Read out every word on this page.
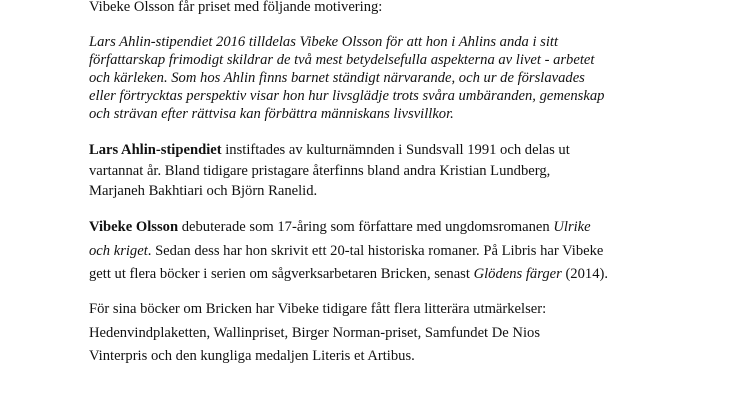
Vibeke Olsson får priset med följande motivering:

Lars Ahlin-stipendiet 2016 tilldelas Vibeke Olsson för att hon i Ahlins anda i sitt
författarskap frimodigt skildrar de två mest betydelsefulla aspekterna av livet - arbetet
och kärleken. Som hos Ahlin finns barnet ständigt närvarande, och ur de förslavades
eller förtrycktas perspektiv visar hon hur livsglädje trots svåra umbäranden, gemenskap
och strävan efter rättvisa kan förbättra människans livsvillkor.

Lars Ahlin-stipendiet instiftades av kulturnämnden i Sundsvall 1991 och delas ut
vartannat år. Bland tidigare pristagare återfinns bland andra Kristian Lundberg,
Marjaneh Bakhtiari och Björn Ranelid.

Vibeke Olsson debuterade som 17-åring som författare med ungdomsromanen Ulrike
och kriget. Sedan dess har hon skrivit ett 20-tal historiska romaner. På Libris har Vibeke
gett ut flera böcker i serien om sågverksarbetaren Bricken, senast Glödens färger (2014).

För sina böcker om Bricken har Vibeke tidigare fått flera litterära utmärkelser:
Hedenvindplaketten, Wallinpriset, Birger Norman-priset, Samfundet De Nios
Vinterpris och den kungliga medaljen Literis et Artibus.
